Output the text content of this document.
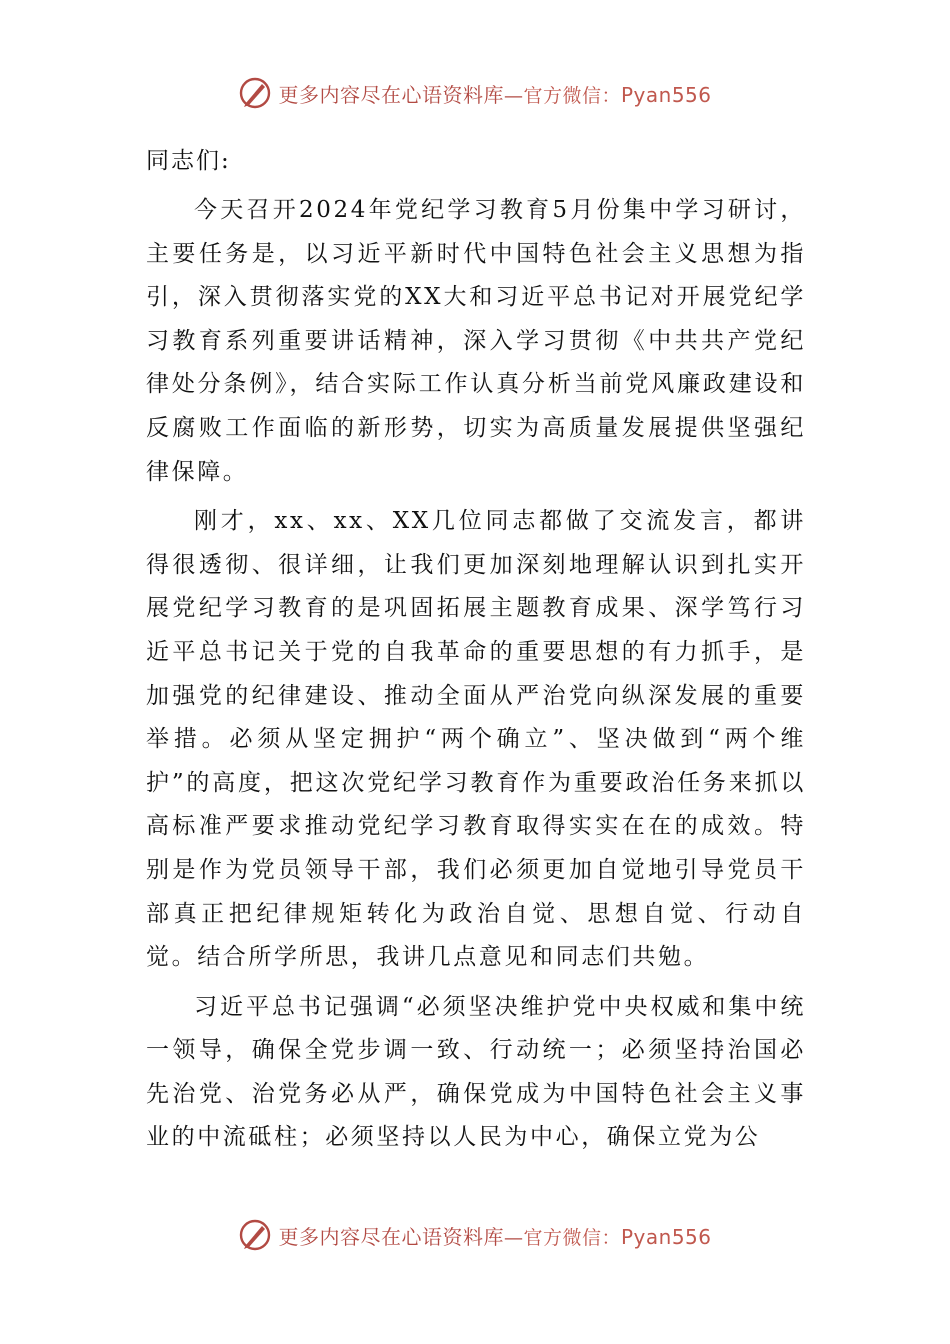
更多内容尽在心语资料库—官方微信：Pyan556

同志们:

今天召开2024年党纪学习教育5月份集中学习研讨，主要任务是，以习近平新时代中国特色社会主义思想为指引，深入贯彻落实党的XX大和习近平总书记对开展党纪学习教育系列重要讲话精神，深入学习贯彻《中共共产党纪律处分条例》，结合实际工作认真分析当前党风廉政建设和反腐败工作面临的新形势，切实为高质量发展提供坚强纪律保障。

刚才，xx、xx、XX几位同志都做了交流发言，都讲得很透彻、很详细，让我们更加深刻地理解认识到扎实开展党纪学习教育的是巩固拓展主题教育成果、深学笃行习近平总书记关于党的自我革命的重要思想的有力抓手，是加强党的纪律建设、推动全面从严治党向纵深发展的重要举措。必须从坚定拥护“两个确立”、坚决做到“两个维护”的高度，把这次党纪学习教育作为重要政治任务来抓以高标准严要求推动党纪学习教育取得实实在在的成效。特别是作为党员领导干部，我们必须更加自觉地引导党员干部真正把纪律规矩转化为政治自觉、思想自觉、行动自觉。结合所学所思，我讲几点意见和同志们共勉。

习近平总书记强调“必须坚决维护党中央权威和集中统一领导，确保全党步调一致、行动统一；必须坚持治国必先治党、治党务必从严，确保党成为中国特色社会主义事业的中流砥柱；必须坚持以人民为中心，确保立党为公

更多内容尽在心语资料库—官方微信：Pyan556
